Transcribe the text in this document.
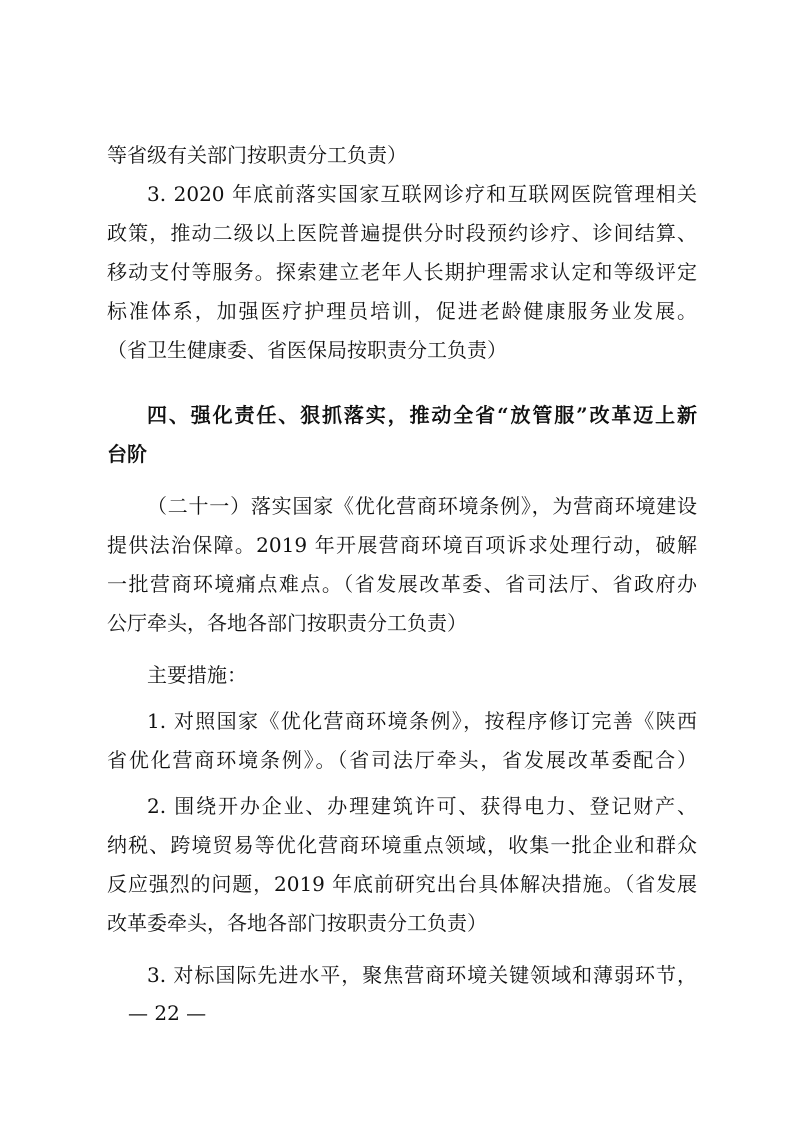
等省级有关部门按职责分工负责）
3. 2020 年底前落实国家互联网诊疗和互联网医院管理相关
政策，推动二级以上医院普遍提供分时段预约诊疗、诊间结算、
移动支付等服务。探索建立老年人长期护理需求认定和等级评定
标准体系，加强医疗护理员培训，促进老龄健康服务业发展。
（省卫生健康委、省医保局按职责分工负责）
四、强化责任、狠抓落实，推动全省“放管服”改革迈上新
台阶
（二十一）落实国家《优化营商环境条例》，为营商环境建设
提供法治保障。2019 年开展营商环境百项诉求处理行动，破解
一批营商环境痛点难点。（省发展改革委、省司法厅、省政府办
公厅牵头，各地各部门按职责分工负责）
主要措施：
1. 对照国家《优化营商环境条例》，按程序修订完善《陕西
省优化营商环境条例》。（省司法厅牵头，省发展改革委配合）
2. 围绕开办企业、办理建筑许可、获得电力、登记财产、
纳税、跨境贸易等优化营商环境重点领域，收集一批企业和群众
反应强烈的问题，2019 年底前研究出台具体解决措施。（省发展
改革委牵头，各地各部门按职责分工负责）
3. 对标国际先进水平，聚焦营商环境关键领域和薄弱环节，
— 22 —
